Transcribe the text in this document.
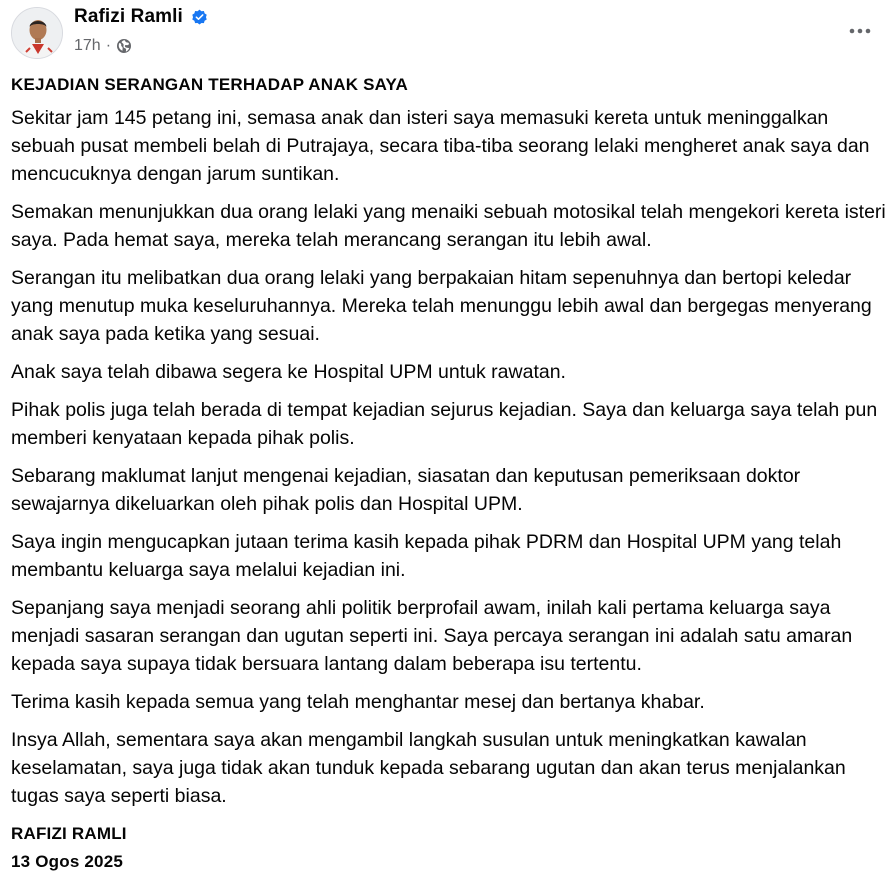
Rafizi Ramli
17h ·
KEJADIAN SERANGAN TERHADAP ANAK SAYA
Sekitar jam 145 petang ini, semasa anak dan isteri saya memasuki kereta untuk meninggalkan sebuah pusat membeli belah di Putrajaya, secara tiba-tiba seorang lelaki mengheret anak saya dan mencucuknya dengan jarum suntikan.
Semakan menunjukkan dua orang lelaki yang menaiki sebuah motosikal telah mengekori kereta isteri saya. Pada hemat saya, mereka telah merancang serangan itu lebih awal.
Serangan itu melibatkan dua orang lelaki yang berpakaian hitam sepenuhnya dan bertopi keledar yang menutup muka keseluruhannya. Mereka telah menunggu lebih awal dan bergegas menyerang anak saya pada ketika yang sesuai.
Anak saya telah dibawa segera ke Hospital UPM untuk rawatan.
Pihak polis juga telah berada di tempat kejadian sejurus kejadian. Saya dan keluarga saya telah pun memberi kenyataan kepada pihak polis.
Sebarang maklumat lanjut mengenai kejadian, siasatan dan keputusan pemeriksaan doktor sewajarnya dikeluarkan oleh pihak polis dan Hospital UPM.
Saya ingin mengucapkan jutaan terima kasih kepada pihak PDRM dan Hospital UPM yang telah membantu keluarga saya melalui kejadian ini.
Sepanjang saya menjadi seorang ahli politik berprofail awam, inilah kali pertama keluarga saya menjadi sasaran serangan dan ugutan seperti ini. Saya percaya serangan ini adalah satu amaran kepada saya supaya tidak bersuara lantang dalam beberapa isu tertentu.
Terima kasih kepada semua yang telah menghantar mesej dan bertanya khabar.
Insya Allah, sementara saya akan mengambil langkah susulan untuk meningkatkan kawalan keselamatan, saya juga tidak akan tunduk kepada sebarang ugutan dan akan terus menjalankan tugas saya seperti biasa.
RAFIZI RAMLI
13 Ogos 2025
